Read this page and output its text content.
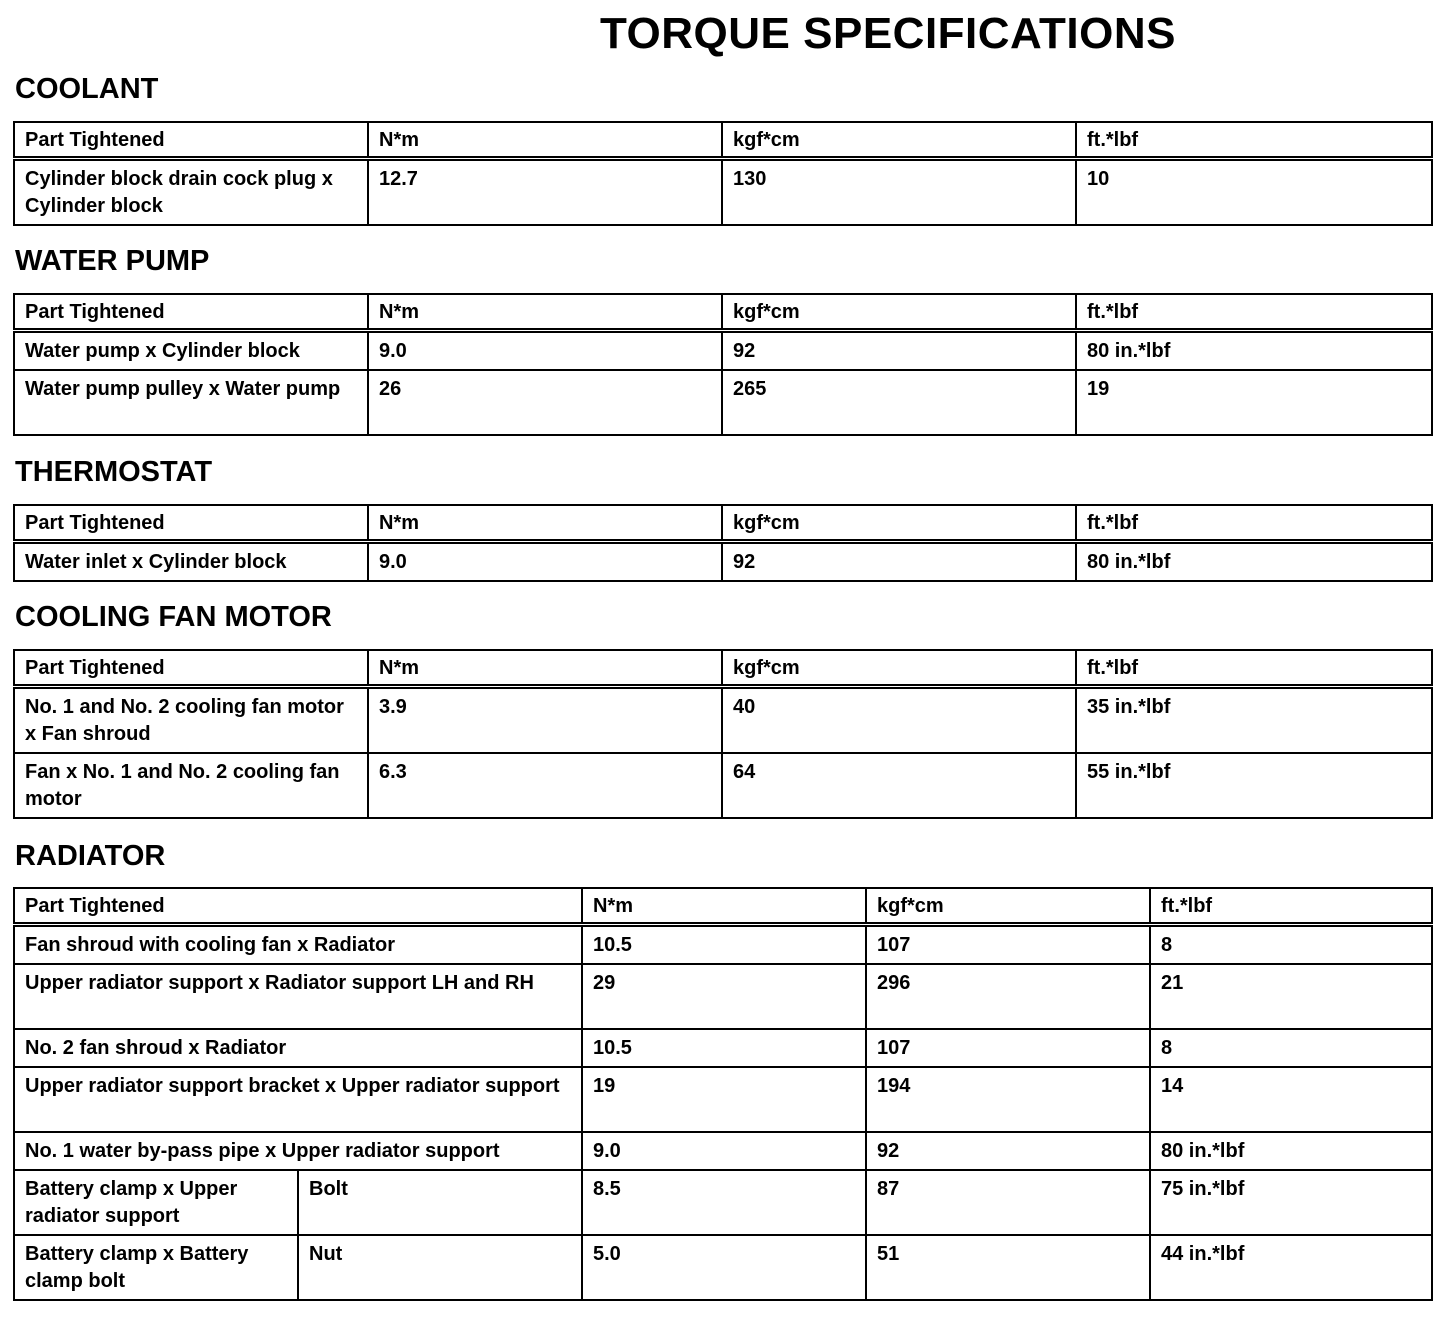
TORQUE SPECIFICATIONS
COOLANT
Part Tightened	N*m	kgf*cm	ft.*lbf
Cylinder block drain cock plug x Cylinder block	12.7	130	10
WATER PUMP
Part Tightened	N*m	kgf*cm	ft.*lbf
Water pump x Cylinder block	9.0	92	80 in.*lbf
Water pump pulley x Water pump	26	265	19
THERMOSTAT
Part Tightened	N*m	kgf*cm	ft.*lbf
Water inlet x Cylinder block	9.0	92	80 in.*lbf
COOLING FAN MOTOR
Part Tightened	N*m	kgf*cm	ft.*lbf
No. 1 and No. 2 cooling fan motor x Fan shroud	3.9	40	35 in.*lbf
Fan x No. 1 and No. 2 cooling fan motor	6.3	64	55 in.*lbf
RADIATOR
Part Tightened		N*m	kgf*cm	ft.*lbf
Fan shroud with cooling fan x Radiator		10.5	107	8
Upper radiator support x Radiator support LH and RH		29	296	21
No. 2 fan shroud x Radiator		10.5	107	8
Upper radiator support bracket x Upper radiator support		19	194	14
No. 1 water by-pass pipe x Upper radiator support		9.0	92	80 in.*lbf
Battery clamp x Upper radiator support	Bolt	8.5	87	75 in.*lbf
Battery clamp x Battery clamp bolt	Nut	5.0	51	44 in.*lbf
